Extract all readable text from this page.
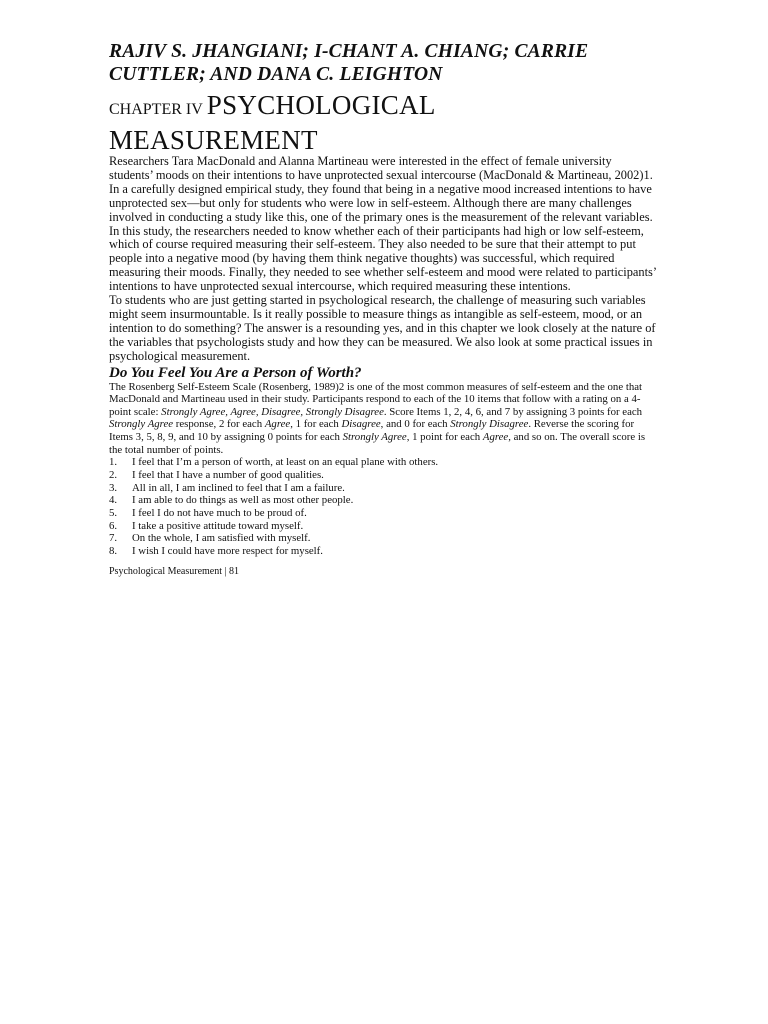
RAJIV S. JHANGIANI; I-CHANT A. CHIANG; CARRIE CUTTLER; AND DANA C. LEIGHTON
CHAPTER IV PSYCHOLOGICAL
MEASUREMENT

Researchers Tara MacDonald and Alanna Martineau were interested in the effect of female university students’ moods on their intentions to have unprotected sexual intercourse (MacDonald & Martineau, 2002)1. In a carefully designed empirical study, they found that being in a negative mood increased intentions to have unprotected sex—but only for students who were low in self-esteem. Although there are many challenges involved in conducting a study like this, one of the primary ones is the measurement of the relevant variables. In this study, the researchers needed to know whether each of their participants had high or low self-esteem, which of course required measuring their self-esteem. They also needed to be sure that their attempt to put people into a negative mood (by having them think negative thoughts) was successful, which required measuring their moods. Finally, they needed to see whether self-esteem and mood were related to participants’ intentions to have unprotected sexual intercourse, which required measuring these intentions.

To students who are just getting started in psychological research, the challenge of measuring such variables might seem insurmountable. Is it really possible to measure things as intangible as self-esteem, mood, or an intention to do something? The answer is a resounding yes, and in this chapter we look closely at the nature of the variables that psychologists study and how they can be measured. We also look at some practical issues in psychological measurement.

Do You Feel You Are a Person of Worth?

The Rosenberg Self-Esteem Scale (Rosenberg, 1989)2 is one of the most common measures of self-esteem and the one that MacDonald and Martineau used in their study. Participants respond to each of the 10 items that follow with a rating on a 4-point scale: Strongly Agree, Agree, Disagree, Strongly Disagree. Score Items 1, 2, 4, 6, and 7 by assigning 3 points for each Strongly Agree response, 2 for each Agree, 1 for each Disagree, and 0 for each Strongly Disagree. Reverse the scoring for Items 3, 5, 8, 9, and 10 by assigning 0 points for each Strongly Agree, 1 point for each Agree, and so on. The overall score is the total number of points.

1.	I feel that I’m a person of worth, at least on an equal plane with others.
2.	I feel that I have a number of good qualities.
3.	All in all, I am inclined to feel that I am a failure.
4.	I am able to do things as well as most other people.
5.	I feel I do not have much to be proud of.
6.	I take a positive attitude toward myself.
7.	On the whole, I am satisfied with myself.
8.	I wish I could have more respect for myself.
Psychological Measurement | 81
